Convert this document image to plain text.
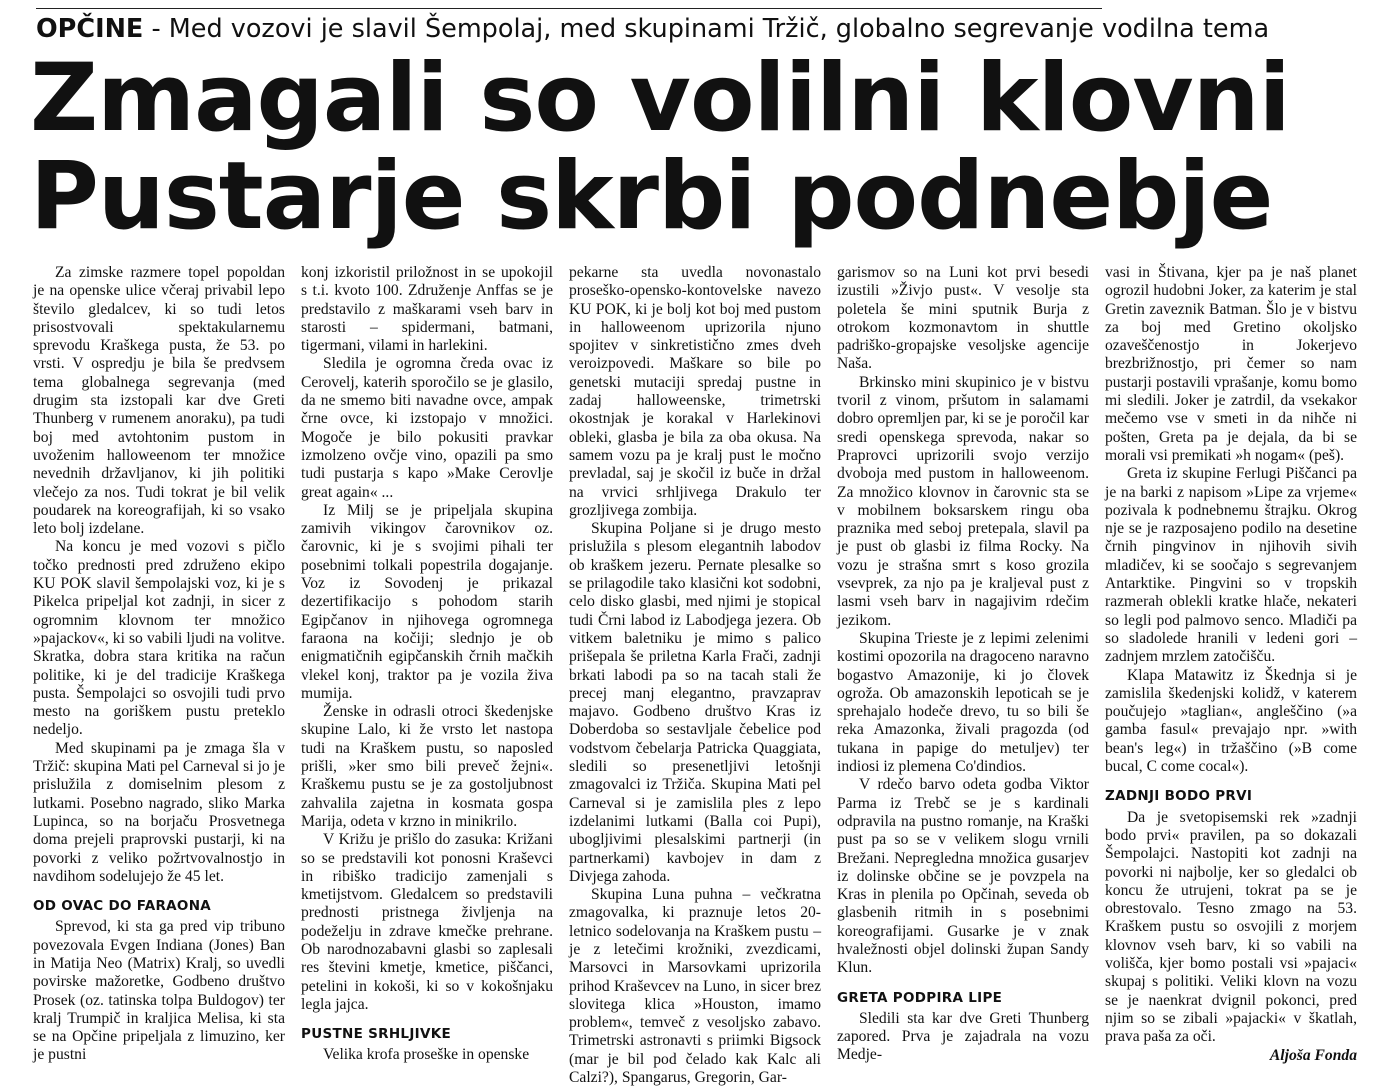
OPČINE - Med vozovi je slavil Šempolaj, med skupinami Tržič, globalno segrevanje vodilna tema
Zmagali so volilni klovni
Pustarje skrbi podnebje

Za zimske razmere topel popoldan je na openske ulice včeraj privabil lepo število gledalcev, ki so tudi letos prisostvovali spektakularnemu sprevodu Kraškega pusta, že 53. po vrsti. V ospredju je bila še predvsem tema globalnega segrevanja (med drugim sta izstopali kar dve Greti Thunberg v rumenem anoraku), pa tudi boj med avtohtonim pustom in uvoženim halloweenom ter množice nevednih državljanov, ki jih politiki vlečejo za nos. Tudi tokrat je bil velik poudarek na koreografijah, ki so vsako leto bolj izdelane.

Na koncu je med vozovi s pičlo točko prednosti pred združeno ekipo KU POK slavil šempolajski voz, ki je s Pikelca pripeljal kot zadnji, in sicer z ogromnim klovnom ter množico »pajackov«, ki so vabili ljudi na volitve. Skratka, dobra stara kritika na račun politike, ki je del tradicije Kraškega pusta. Šempolajci so osvojili tudi prvo mesto na goriškem pustu preteklo nedeljo.

Med skupinami pa je zmaga šla v Tržič: skupina Mati pel Carneval si jo je prislužila z domiselnim plesom z lutkami. Posebno nagrado, sliko Marka Lupinca, so na borjaču Prosvetnega doma prejeli praprovski pustarji, ki na povorki z veliko požrtvovalnostjo in navdihom sodelujejo že 45 let.

OD OVAC DO FARAONA

Sprevod, ki sta ga pred vip tribuno povezovala Evgen Indiana (Jones) Ban in Matija Neo (Matrix) Kralj, so uvedli povirske mažoretke, Godbeno društvo Prosek (oz. tatinska tolpa Buldogov) ter kralj Trumpič in kraljica Melisa, ki sta se na Opčine pripeljala z limuzino, ker je pustni

konj izkoristil priložnost in se upokojil s t.i. kvoto 100. Združenje Anffas se je predstavilo z maškarami vseh barv in starosti – spidermani, batmani, tigermani, vilami in harlekini.

Sledila je ogromna čreda ovac iz Cerovelj, katerih sporočilo se je glasilo, da ne smemo biti navadne ovce, ampak črne ovce, ki izstopajo v množici. Mogoče je bilo pokusiti pravkar izmolzeno ovčje vino, opazili pa smo tudi pustarja s kapo »Make Cerovlje great again« ...

Iz Milj se je pripeljala skupina zamivih vikingov čarovnikov oz. čarovnic, ki je s svojimi pihali ter posebnimi tolkali popestrila dogajanje. Voz iz Sovodenj je prikazal dezertifikacijo s pohodom starih Egipčanov in njihovega ogromnega faraona na kočiji; slednjo je ob enigmatičnih egipčanskih črnih mačkih vlekel konj, traktor pa je vozila živa mumija.

Ženske in odrasli otroci škedenjske skupine Lalo, ki že vrsto let nastopa tudi na Kraškem pustu, so naposled prišli, »ker smo bili preveč žejni«. Kraškemu pustu se je za gostoljubnost zahvalila zajetna in kosmata gospa Marija, odeta v krzno in minikrilo.

V Križu je prišlo do zasuka: Križani so se predstavili kot ponosni Kraševci in ribiško tradicijo zamenjali s kmetijstvom. Gledalcem so predstavili prednosti pristnega življenja na podeželju in zdrave kmečke prehrane. Ob narodnozabavni glasbi so zaplesali res števini kmetje, kmetice, piščanci, petelini in kokoši, ki so v kokošnjaku legla jajca.

PUSTNE SRHLJIVKE

Velika krofa proseške in openske

pekarne sta uvedla novonastalo proseško-opensko-kontovelske navezo KU POK, ki je bolj kot boj med pustom in halloweenom uprizorila njuno spojitev v sinkretistično zmes dveh veroizpovedi. Maškare so bile po genetski mutaciji spredaj pustne in zadaj halloweenske, trimetrski okostnjak je korakal v Harlekinovi obleki, glasba je bila za oba okusa. Na samem vozu pa je kralj pust le močno prevladal, saj je skočil iz buče in držal na vrvici srhljivega Drakulo ter grozljivega zombija.

Skupina Poljane si je drugo mesto prislužila s plesom elegantnih labodov ob kraškem jezeru. Pernate plesalke so se prilagodile tako klasični kot sodobni, celo disko glasbi, med njimi je stopical tudi Črni labod iz Labodjega jezera. Ob vitkem baletniku je mimo s palico prišepala še priletna Karla Frači, zadnji brkati labodi pa so na tacah stali že precej manj elegantno, pravzaprav majavo. Godbeno društvo Kras iz Doberdoba so sestavljale čebelice pod vodstvom čebelarja Patricka Quaggiata, sledili so presenetljivi letošnji zmagovalci iz Tržiča. Skupina Mati pel Carneval si je zamislila ples z lepo izdelanimi lutkami (Balla coi Pupi), ubogljivimi plesalskimi partnerji (in partnerkami) kavbojev in dam z Divjega zahoda.

Skupina Luna puhna – večkratna zmagovalka, ki praznuje letos 20-letnico sodelovanja na Kraškem pustu – je z letečimi krožniki, zvezdicami, Marsovci in Marsovkami uprizorila prihod Kraševcev na Luno, in sicer brez slovitega klica »Houston, imamo problem«, temveč z vesoljsko zabavo. Trimetrski astronavti s priimki Bigsock (mar je bil pod čelado kak Kalc ali Calzi?), Spangarus, Gregorin, Gar-

garismov so na Luni kot prvi besedi izustili »Živjo pust«. V vesolje sta poletela še mini sputnik Burja z otrokom kozmonavtom in shuttle padriško-gropajske vesoljske agencije Naša.

Brkinsko mini skupinico je v bistvu tvoril z vinom, pršutom in salamami dobro opremljen par, ki se je poročil kar sredi openskega sprevoda, nakar so Praprovci uprizorili svojo verzijo dvoboja med pustom in halloweenom. Za množico klovnov in čarovnic sta se v mobilnem boksarskem ringu oba praznika med seboj pretepala, slavil pa je pust ob glasbi iz filma Rocky. Na vozu je strašna smrt s koso grozila vsevprek, za njo pa je kraljeval pust z lasmi vseh barv in nagajivim rdečim jezikom.

Skupina Trieste je z lepimi zelenimi kostimi opozorila na dragoceno naravno bogastvo Amazonije, ki jo človek ogroža. Ob amazonskih lepoticah se je sprehajalo hodeče drevo, tu so bili še reka Amazonka, živali pragozda (od tukana in papige do metuljev) ter indiosi iz plemena Co'dindios.

V rdečo barvo odeta godba Viktor Parma iz Trebč se je s kardinali odpravila na pustno romanje, na Kraški pust pa so se v velikem slogu vrnili Brežani. Nepregledna množica gusarjev iz dolinske občine se je povzpela na Kras in plenila po Opčinah, seveda ob glasbenih ritmih in s posebnimi koreografijami. Gusarke je v znak hvaležnosti objel dolinski župan Sandy Klun.

GRETA PODPIRA LIPE

Sledili sta kar dve Greti Thunberg zapored. Prva je zajadrala na vozu Medje-

vasi in Štivana, kjer pa je naš planet ogrozil hudobni Joker, za katerim je stal Gretin zaveznik Batman. Šlo je v bistvu za boj med Gretino okoljsko ozaveščenostjo in Jokerjevo brezbrižnostjo, pri čemer so nam pustarji postavili vprašanje, komu bomo mi sledili. Joker je zatrdil, da vsekakor mečemo vse v smeti in da nihče ni pošten, Greta pa je dejala, da bi se morali vsi premikati »h nogam« (peš).

Greta iz skupine Ferlugi Piščanci pa je na barki z napisom »Lipe za vrjeme« pozivala k podnebnemu štrajku. Okrog nje se je razposajeno podilo na desetine črnih pingvinov in njihovih sivih mladičev, ki se soočajo s segrevanjem Antarktike. Pingvini so v tropskih razmerah oblekli kratke hlače, nekateri so legli pod palmovo senco. Mladiči pa so sladolede hranili v ledeni gori – zadnjem mrzlem zatočišču.

Klapa Matawitz iz Škednja si je zamislila škedenjski kolidž, v katerem poučujejo »taglian«, angleščino (»a gamba fasul« prevajajo npr. »with bean's leg«) in tržaščino (»B come bucal, C come cocal«).

ZADNJI BODO PRVI

Da je svetopisemski rek »zadnji bodo prvi« pravilen, pa so dokazali Šempolajci. Nastopiti kot zadnji na povorki ni najbolje, ker so gledalci ob koncu že utrujeni, tokrat pa se je obrestovalo. Tesno zmago na 53. Kraškem pustu so osvojili z morjem klovnov vseh barv, ki so vabili na volišča, kjer bomo postali vsi »pajaci« skupaj s politiki. Veliki klovn na vozu se je naenkrat dvignil pokonci, pred njim so se zibali »pajacki« v škatlah, prava paša za oči.

Aljoša Fonda
